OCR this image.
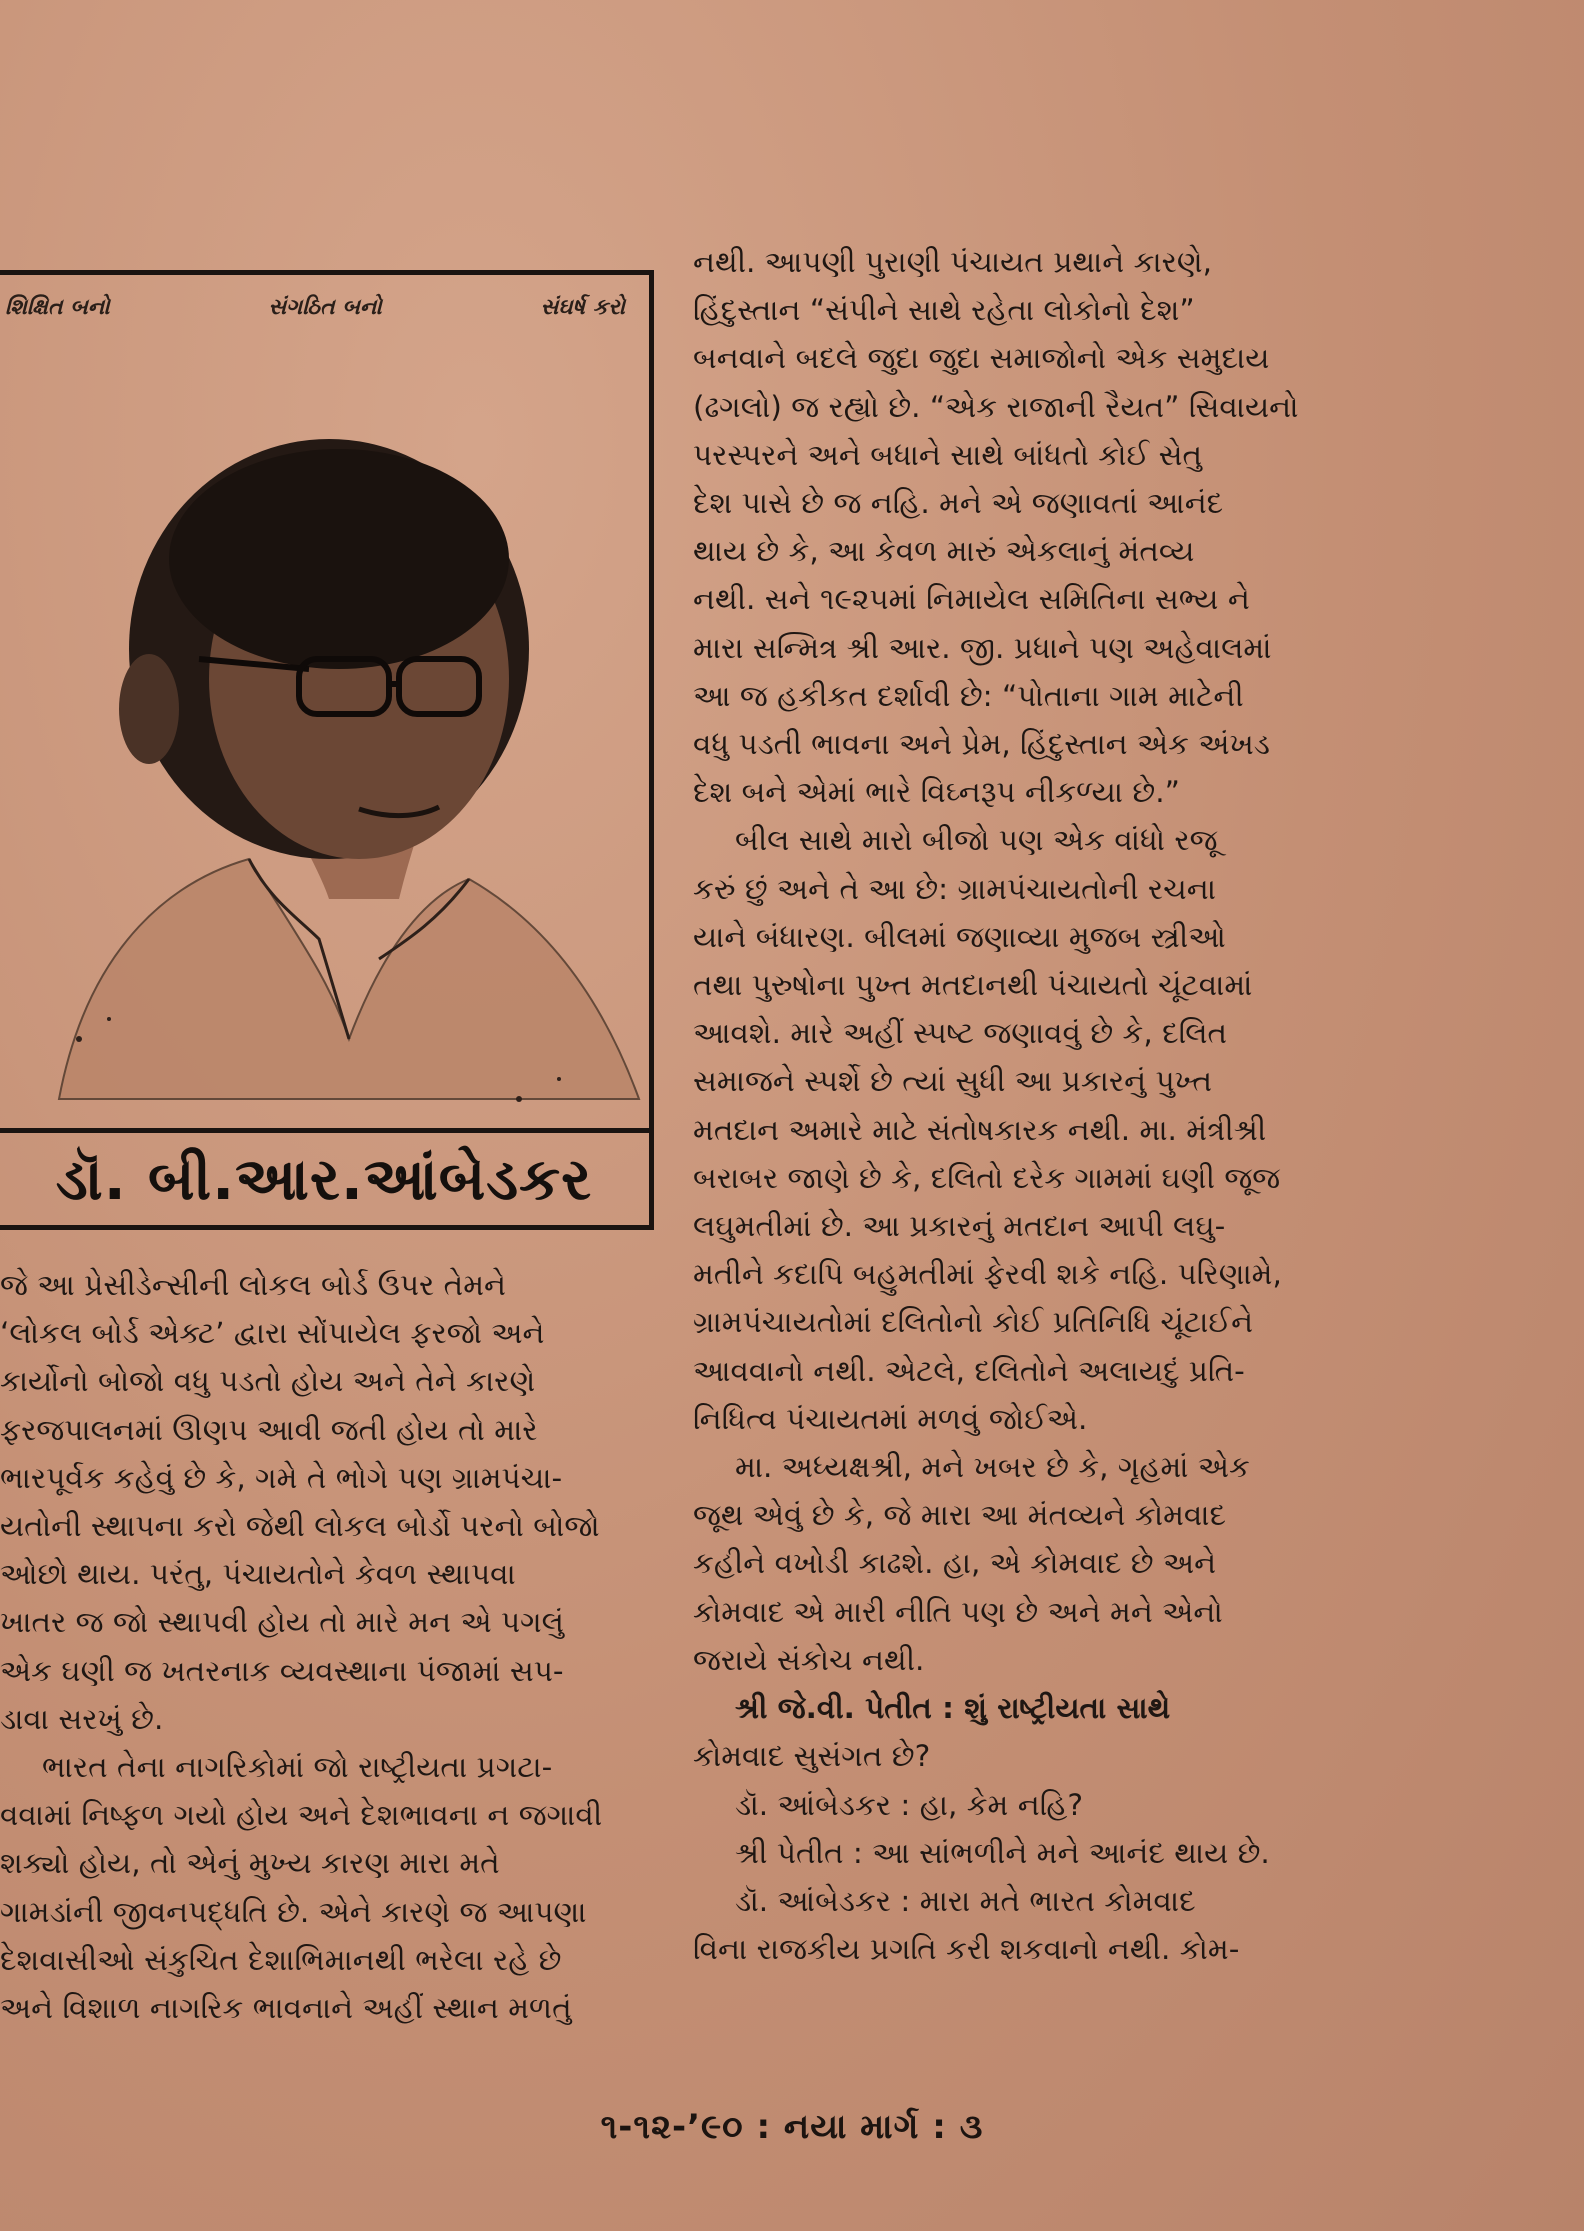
શિક્ષિત બનો	સંગઠિત બનો	સંઘર્ષ કરો
ડૉ. બી.આર.આંબેડકર

નથી. આપણી પુરાણી પંચાયત પ્રથાને કારણે,

હિંદુસ્તાન “સંપીને સાથે રહેતા લોકોનો દેશ”

બનવાને બદલે જુદા જુદા સમાજોનો એક સમુદાય

(ઢગલો) જ રહ્યો છે. “એક રાજાની રૈયત” સિવાયનો

પરસ્પરને અને બધાને સાથે બાંધતો કોઈ સેતુ

દેશ પાસે છે જ નહિ. મને એ જણાવતાં આનંદ

થાય છે કે, આ કેવળ મારું એકલાનું મંતવ્ય

નથી. સને ૧૯૨૫માં નિમાયેલ સમિતિના સભ્ય ને

મારા સન્મિત્ર શ્રી આર. જી. પ્રધાને પણ અહેવાલમાં

આ જ હકીકત દર્શાવી છે: “પોતાના ગામ માટેની

વધુ પડતી ભાવના અને પ્રેમ, હિંદુસ્તાન એક અંખડ

દેશ બને એમાં ભારે વિઘ્નરૂપ નીકળ્યા છે.”

બીલ સાથે મારો બીજો પણ એક વાંધો રજૂ

કરું છું અને તે આ છે: ગ્રામપંચાયતોની રચના

યાને બંધારણ. બીલમાં જણાવ્યા મુજબ સ્ત્રીઓ

તથા પુરુષોના પુખ્ત મતદાનથી પંચાયતો ચૂંટવામાં

આવશે. મારે અહીં સ્પષ્ટ જણાવવું છે કે, દલિત

સમાજને સ્પર્શે છે ત્યાં સુધી આ પ્રકારનું પુખ્ત

મતદાન અમારે માટે સંતોષકારક નથી. મા. મંત્રીશ્રી

બરાબર જાણે છે કે, દલિતો દરેક ગામમાં ઘણી જૂજ

લઘુમતીમાં છે. આ પ્રકારનું મતદાન આપી લઘુ-

મતીને કદાપિ બહુમતીમાં ફેરવી શકે નહિ. પરિણામે,

ગ્રામપંચાયતોમાં દલિતોનો કોઈ પ્રતિનિધિ ચૂંટાઈને

આવવાનો નથી. એટલે, દલિતોને અલાયદું પ્રતિ-

નિધિત્વ પંચાયતમાં મળવું જોઈએ.

મા. અધ્યક્ષશ્રી, મને ખબર છે કે, ગૃહમાં એક

જૂથ એવું છે કે, જે મારા આ મંતવ્યને કોમવાદ

કહીને વખોડી કાઢશે. હા, એ કોમવાદ છે અને

કોમવાદ એ મારી નીતિ પણ છે અને મને એનો

જરાયે સંકોચ નથી.

શ્રી જે.વી. પેતીત : શું રાષ્ટ્રીયતા સાથે

કોમવાદ સુસંગત છે?

ડૉ. આંબેડકર : હા, કેમ નહિ?

શ્રી પેતીત : આ સાંભળીને મને આનંદ થાય છે.

ડૉ. આંબેડકર : મારા મતે ભારત કોમવાદ

વિના રાજકીય પ્રગતિ કરી શકવાનો નથી. કોમ-

જે આ પ્રેસીડેન્સીની લોકલ બોર્ડ ઉપર તેમને

‘લોકલ બોર્ડ એક્ટ’ દ્વારા સોંપાયેલ ફરજો અને

કાર્યોનો બોજો વધુ પડતો હોય અને તેને કારણે

ફરજપાલનમાં ઊણપ આવી જતી હોય તો મારે

ભારપૂર્વક કહેવું છે કે, ગમે તે ભોગે પણ ગ્રામપંચા-

યતોની સ્થાપના કરો જેથી લોકલ બોર્ડો પરનો બોજો

ઓછો થાય. પરંતુ, પંચાયતોને કેવળ સ્થાપવા

ખાતર જ જો સ્થાપવી હોય તો મારે મન એ પગલું

એક ઘણી જ ખતરનાક વ્યવસ્થાના પંજામાં સપ-

ડાવા સરખું છે.

ભારત તેના નાગરિકોમાં જો રાષ્ટ્રીયતા પ્રગટા-

વવામાં નિષ્ફળ ગયો હોય અને દેશભાવના ન જગાવી

શક્યો હોય, તો એનું મુખ્ય કારણ મારા મતે

ગામડાંની જીવનપદ્ધતિ છે. એને કારણે જ આપણા

દેશવાસીઓ સંકુચિત દેશાભિમાનથી ભરેલા રહે છે

અને વિશાળ નાગરિક ભાવનાને અહીં સ્થાન મળતું

૧-૧૨-’૯૦ : નયા માર્ગ : ૩
